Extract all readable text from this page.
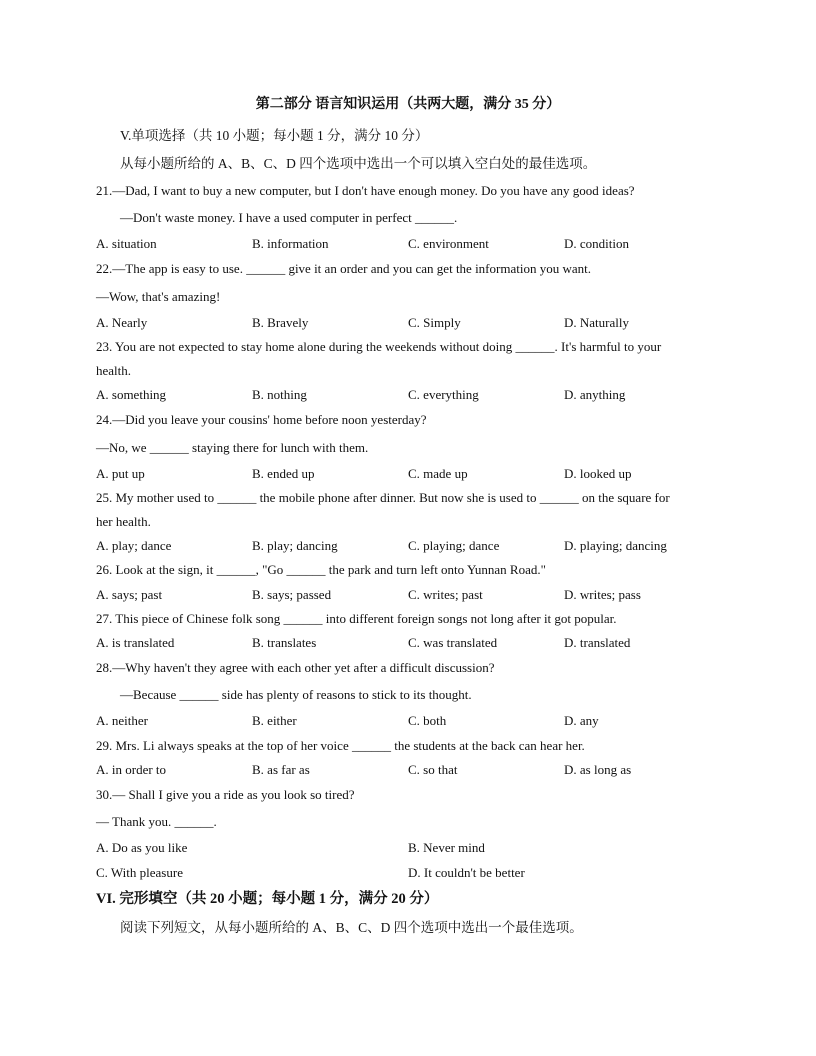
第二部分 语言知识运用（共两大题，满分 35 分）
V.单项选择（共 10 小题；每小题 1 分，满分 10 分）
从每小题所给的 A、B、C、D 四个选项中选出一个可以填入空白处的最佳选项。
21.—Dad, I want to buy a new computer, but I don't have enough money. Do you have any good ideas?
—Don't waste money. I have a used computer in perfect ______.
A. situation	B. information	C. environment	D. condition
22.—The app is easy to use. ______ give it an order and you can get the information you want.
—Wow, that's amazing!
A. Nearly	B. Bravely	C. Simply	D. Naturally
23. You are not expected to stay home alone during the weekends without doing ______. It's harmful to your
health.
A. something	B. nothing	C. everything	D. anything
24.—Did you leave your cousins' home before noon yesterday?
—No, we ______ staying there for lunch with them.
A. put up	B. ended up	C. made up	D. looked up
25. My mother used to ______ the mobile phone after dinner. But now she is used to ______ on the square for
her health.
A. play; dance	B. play; dancing	C. playing; dance	D. playing; dancing
26. Look at the sign, it ______, "Go ______ the park and turn left onto Yunnan Road."
A. says; past	B. says; passed	C. writes; past	D. writes; pass
27. This piece of Chinese folk song ______ into different foreign songs not long after it got popular.
A. is translated	B. translates	C. was translated	D. translated
28.—Why haven't they agree with each other yet after a difficult discussion?
—Because ______ side has plenty of reasons to stick to its thought.
A. neither	B. either	C. both	D. any
29. Mrs. Li always speaks at the top of her voice ______ the students at the back can hear her.
A. in order to	B. as far as	C. so that	D. as long as
30.— Shall I give you a ride as you look so tired?
— Thank you. ______.
A. Do as you like	B. Never mind
C. With pleasure	D. It couldn't be better
VI. 完形填空（共 20 小题；每小题 1 分，满分 20 分）
阅读下列短文，从每小题所给的 A、B、C、D 四个选项中选出一个最佳选项。
